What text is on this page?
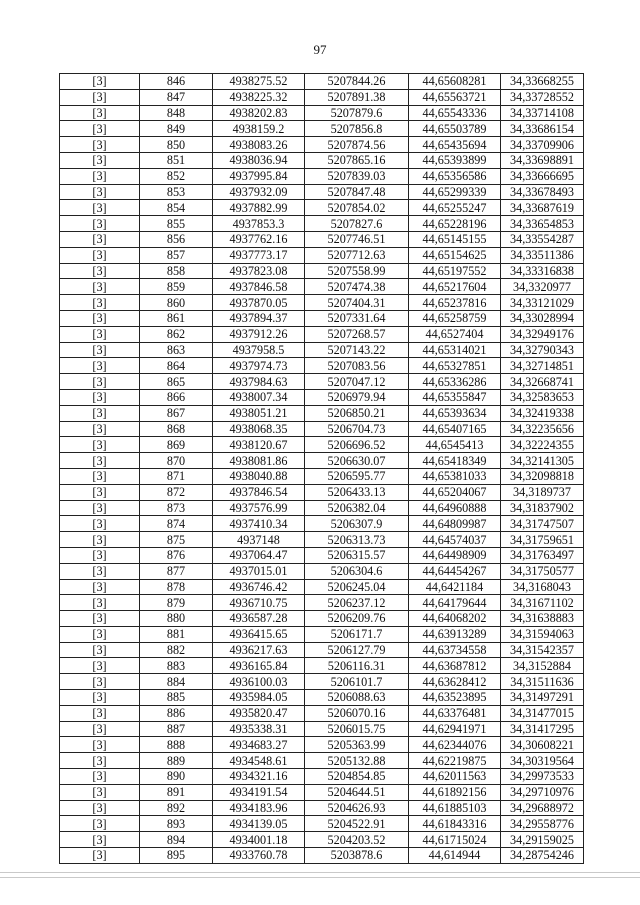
97
[3]	846	4938275.52	5207844.26	44,65608281	34,33668255
[3]	847	4938225.32	5207891.38	44,65563721	34,33728552
[3]	848	4938202.83	5207879.6	44,65543336	34,33714108
[3]	849	4938159.2	5207856.8	44,65503789	34,33686154
[3]	850	4938083.26	5207874.56	44,65435694	34,33709906
[3]	851	4938036.94	5207865.16	44,65393899	34,33698891
[3]	852	4937995.84	5207839.03	44,65356586	34,33666695
[3]	853	4937932.09	5207847.48	44,65299339	34,33678493
[3]	854	4937882.99	5207854.02	44,65255247	34,33687619
[3]	855	4937853.3	5207827.6	44,65228196	34,33654853
[3]	856	4937762.16	5207746.51	44,65145155	34,33554287
[3]	857	4937773.17	5207712.63	44,65154625	34,33511386
[3]	858	4937823.08	5207558.99	44,65197552	34,33316838
[3]	859	4937846.58	5207474.38	44,65217604	34,3320977
[3]	860	4937870.05	5207404.31	44,65237816	34,33121029
[3]	861	4937894.37	5207331.64	44,65258759	34,33028994
[3]	862	4937912.26	5207268.57	44,6527404	34,32949176
[3]	863	4937958.5	5207143.22	44,65314021	34,32790343
[3]	864	4937974.73	5207083.56	44,65327851	34,32714851
[3]	865	4937984.63	5207047.12	44,65336286	34,32668741
[3]	866	4938007.34	5206979.94	44,65355847	34,32583653
[3]	867	4938051.21	5206850.21	44,65393634	34,32419338
[3]	868	4938068.35	5206704.73	44,65407165	34,32235656
[3]	869	4938120.67	5206696.52	44,6545413	34,32224355
[3]	870	4938081.86	5206630.07	44,65418349	34,32141305
[3]	871	4938040.88	5206595.77	44,65381033	34,32098818
[3]	872	4937846.54	5206433.13	44,65204067	34,3189737
[3]	873	4937576.99	5206382.04	44,64960888	34,31837902
[3]	874	4937410.34	5206307.9	44,64809987	34,31747507
[3]	875	4937148	5206313.73	44,64574037	34,31759651
[3]	876	4937064.47	5206315.57	44,64498909	34,31763497
[3]	877	4937015.01	5206304.6	44,64454267	34,31750577
[3]	878	4936746.42	5206245.04	44,6421184	34,3168043
[3]	879	4936710.75	5206237.12	44,64179644	34,31671102
[3]	880	4936587.28	5206209.76	44,64068202	34,31638883
[3]	881	4936415.65	5206171.7	44,63913289	34,31594063
[3]	882	4936217.63	5206127.79	44,63734558	34,31542357
[3]	883	4936165.84	5206116.31	44,63687812	34,3152884
[3]	884	4936100.03	5206101.7	44,63628412	34,31511636
[3]	885	4935984.05	5206088.63	44,63523895	34,31497291
[3]	886	4935820.47	5206070.16	44,63376481	34,31477015
[3]	887	4935338.31	5206015.75	44,62941971	34,31417295
[3]	888	4934683.27	5205363.99	44,62344076	34,30608221
[3]	889	4934548.61	5205132.88	44,62219875	34,30319564
[3]	890	4934321.16	5204854.85	44,62011563	34,29973533
[3]	891	4934191.54	5204644.51	44,61892156	34,29710976
[3]	892	4934183.96	5204626.93	44,61885103	34,29688972
[3]	893	4934139.05	5204522.91	44,61843316	34,29558776
[3]	894	4934001.18	5204203.52	44,61715024	34,29159025
[3]	895	4933760.78	5203878.6	44,614944	34,28754246
